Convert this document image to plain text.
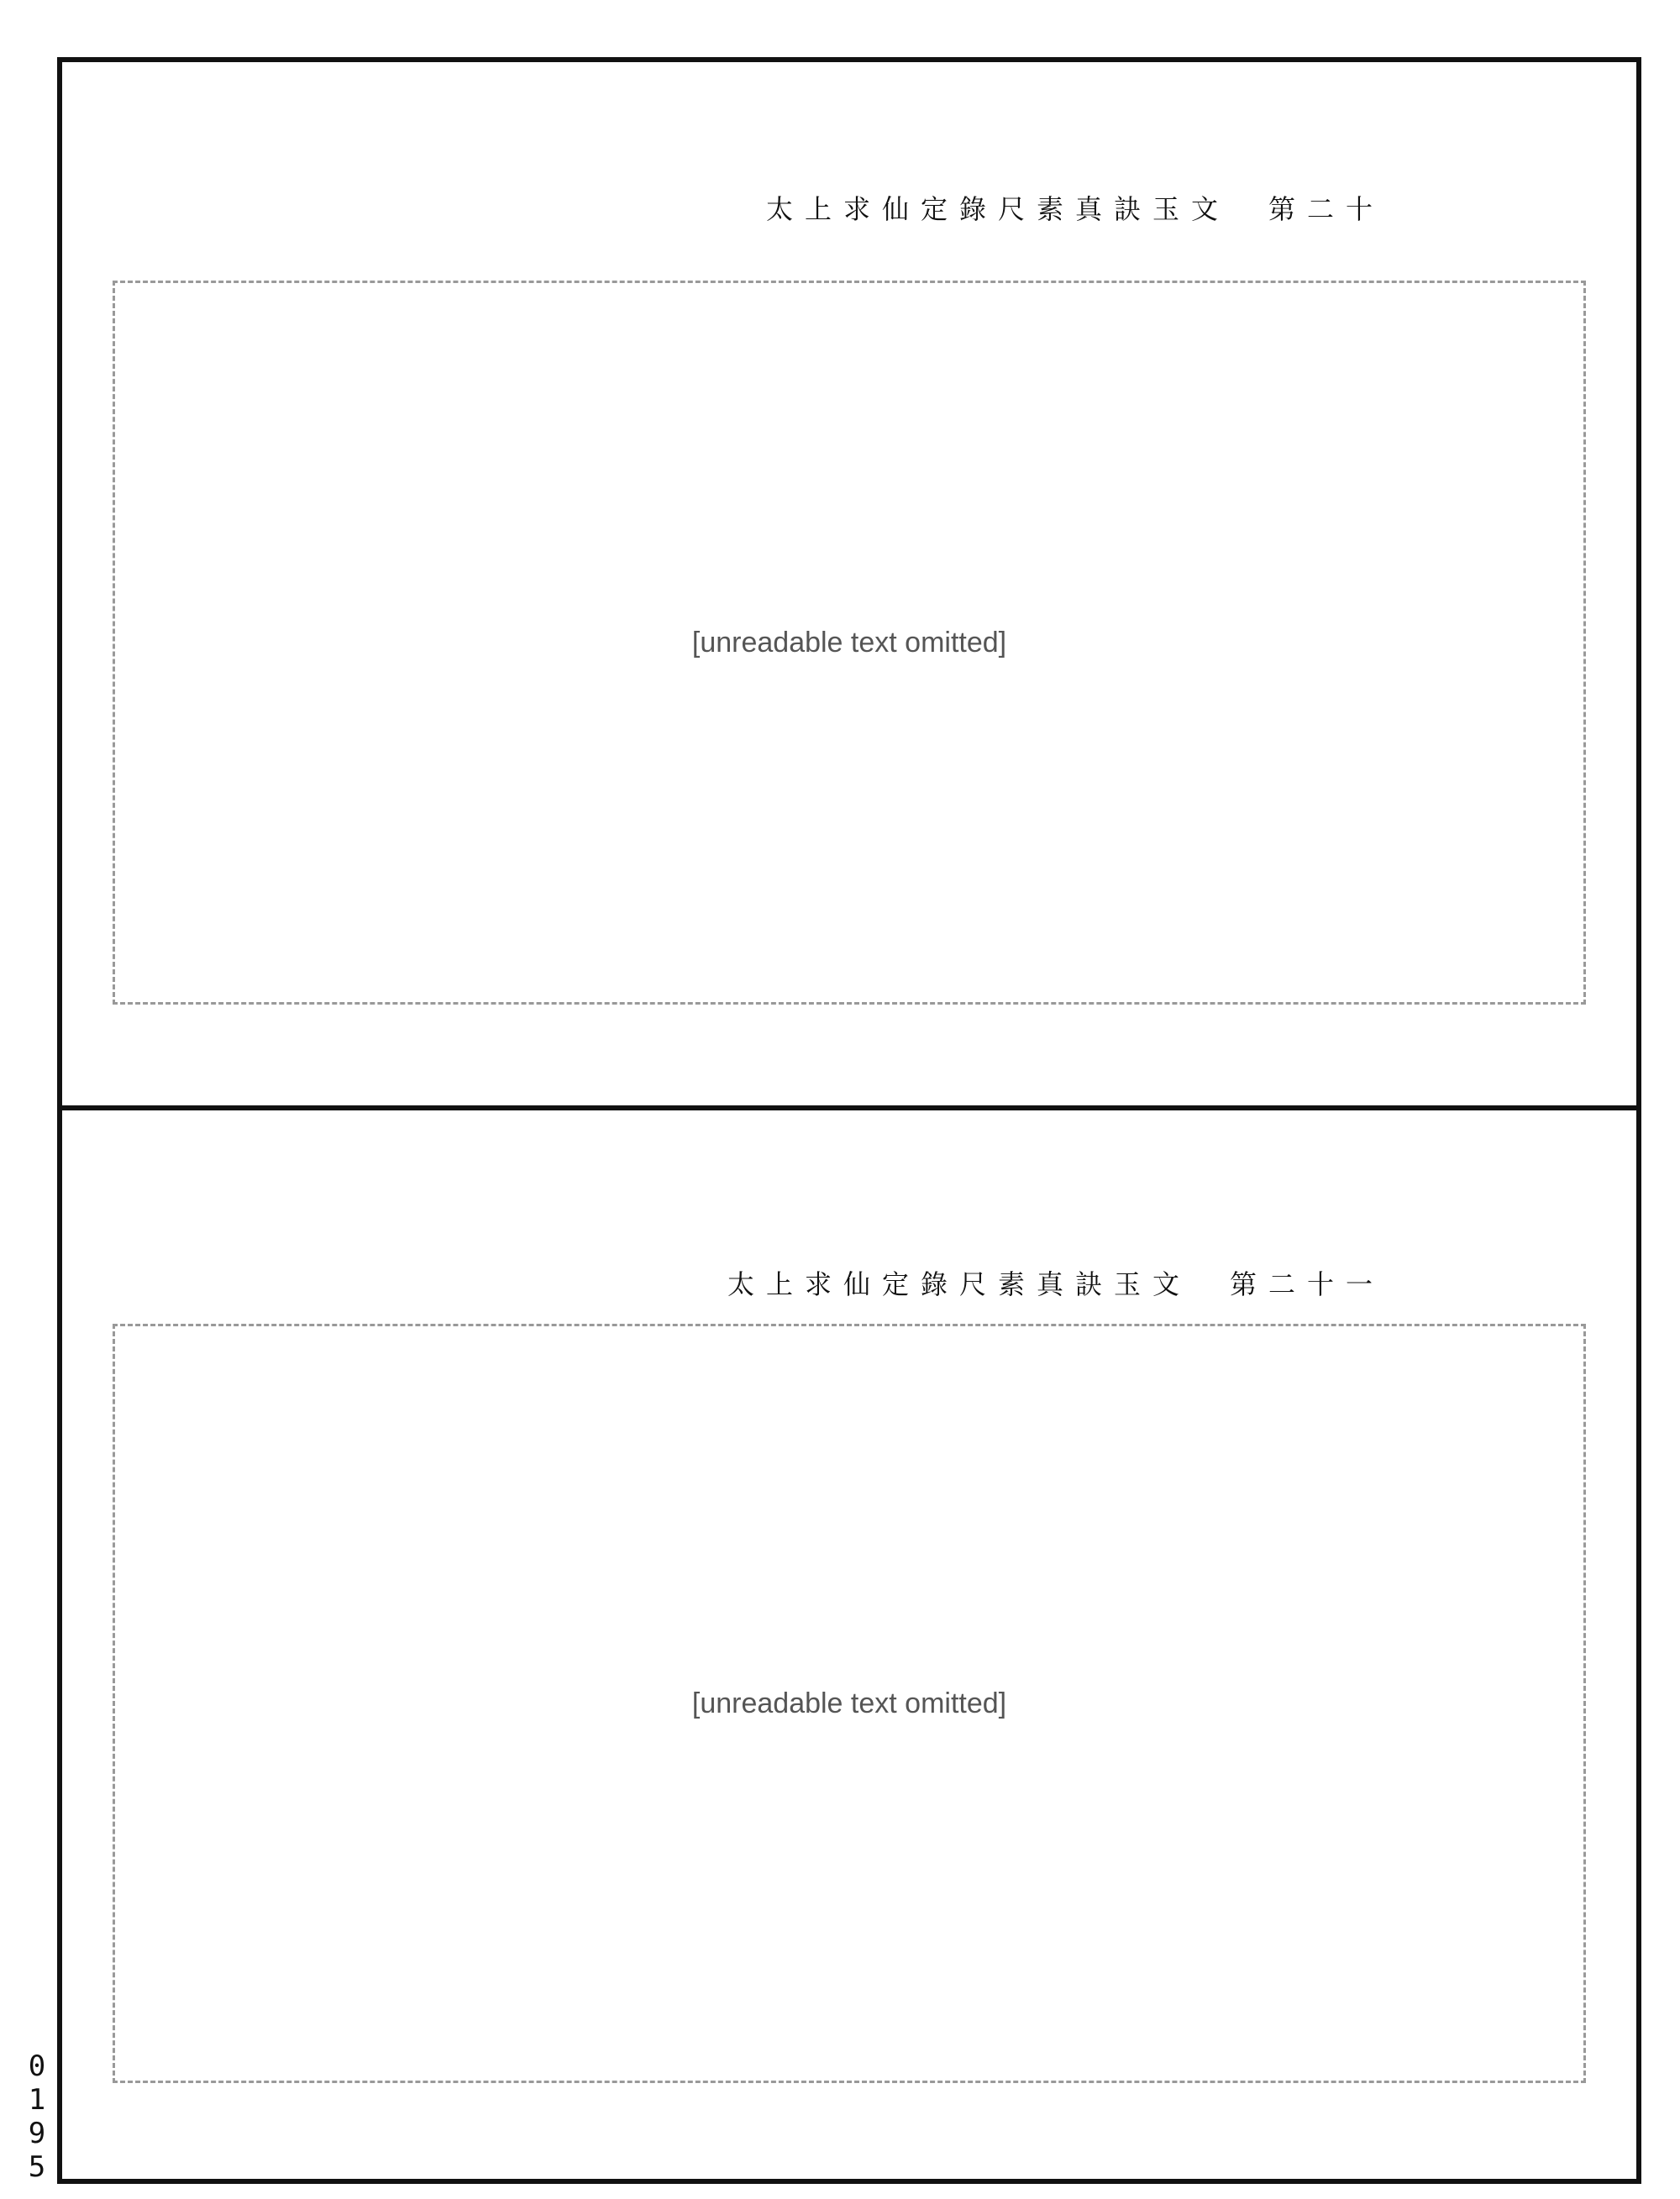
太上求仙定錄尺素真訣玉文　第二十
[unreadable text omitted]
太上求仙定錄尺素真訣玉文　第二十一
[unreadable text omitted]
0195
